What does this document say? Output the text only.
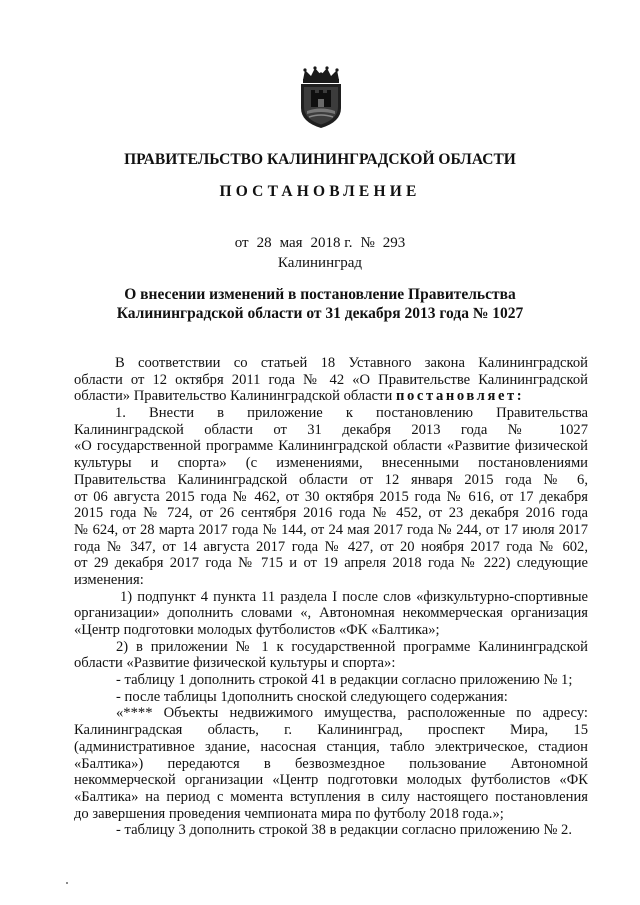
ПРАВИТЕЛЬСТВО КАЛИНИНГРАДСКОЙ ОБЛАСТИ
ПОСТАНОВЛЕНИЕ
от 28 мая 2018 г. № 293
Калининград
О внесении изменений в постановление Правительства
Калининградской области от 31 декабря 2013 года № 1027
В соответствии со статьей 18 Уставного закона Калининградской
области от 12 октября 2011 года № 42 «О Правительстве Калининградской
области» Правительство Калининградской области постановляет:
1. Внести в приложение к постановлению Правительства
Калининградской области от 31 декабря 2013 года № 1027
«О государственной программе Калининградской области «Развитие физической
культуры и спорта» (с изменениями, внесенными постановлениями
Правительства Калининградской области от 12 января 2015 года № 6,
от 06 августа 2015 года № 462, от 30 октября 2015 года № 616, от 17 декабря
2015 года № 724, от 26 сентября 2016 года № 452, от 23 декабря 2016 года
№ 624, от 28 марта 2017 года № 144, от 24 мая 2017 года № 244, от 17 июля 2017
года № 347, от 14 августа 2017 года № 427, от 20 ноября 2017 года № 602,
от 29 декабря 2017 года № 715 и от 19 апреля 2018 года № 222) следующие
изменения:
1) подпункт 4 пункта 11 раздела I после слов «физкультурно-спортивные
организации» дополнить словами «, Автономная некоммерческая организация
«Центр подготовки молодых футболистов «ФК «Балтика»;
2) в приложении № 1 к государственной программе Калининградской
области «Развитие физической культуры и спорта»:
- таблицу 1 дополнить строкой 41 в редакции согласно приложению № 1;
- после таблицы 1дополнить сноской следующего содержания:
«**** Объекты недвижимого имущества, расположенные по адресу:
Калининградская область, г. Калининград, проспект Мира, 15
(административное здание, насосная станция, табло электрическое, стадион
«Балтика») передаются в безвозмездное пользование Автономной
некоммерческой организации «Центр подготовки молодых футболистов «ФК
«Балтика» на период с момента вступления в силу настоящего постановления
до завершения проведения чемпионата мира по футболу 2018 года.»;
- таблицу 3 дополнить строкой 38 в редакции согласно приложению № 2.
